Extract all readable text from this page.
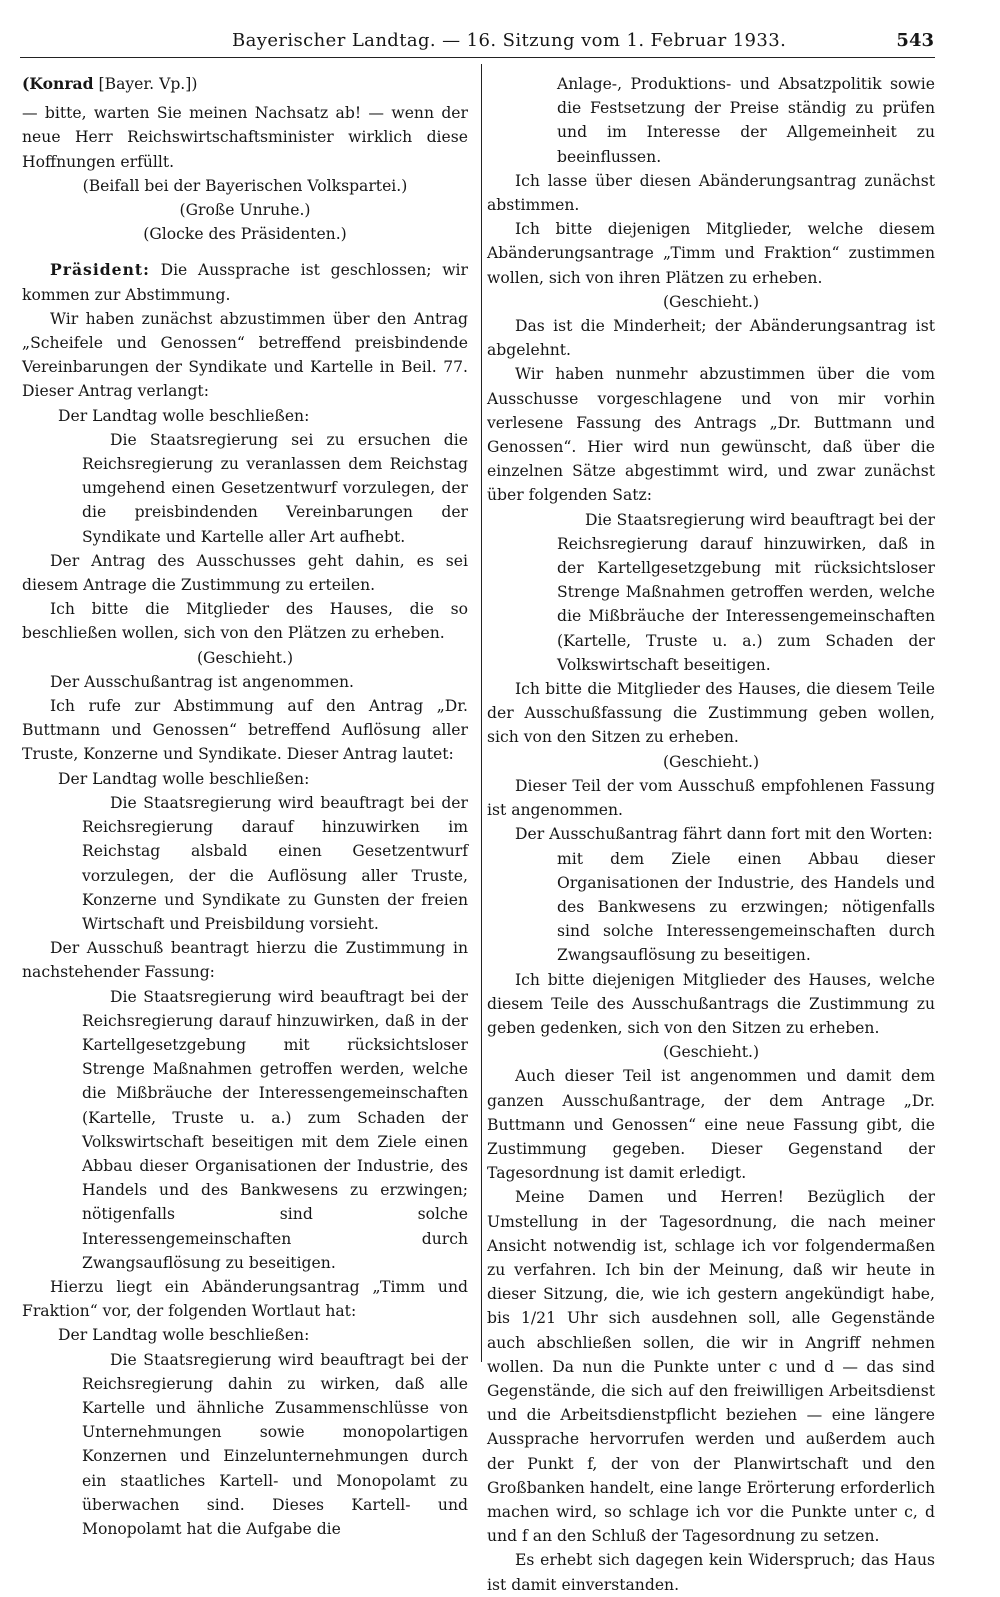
Bayerischer Landtag. — 16. Sitzung vom 1. Februar 1933.	543

(Konrad [Bayer. Vp.])

— bitte, warten Sie meinen Nachsatz ab! — wenn der neue Herr Reichswirtschaftsminister wirklich diese Hoffnungen erfüllt.

(Beifall bei der Bayerischen Volkspartei.)

(Große Unruhe.)

(Glocke des Präsidenten.)

Präsident: Die Aussprache ist geschlossen; wir kommen zur Abstimmung.

Wir haben zunächst abzustimmen über den Antrag „Scheifele und Genossen“ betreffend preisbindende Vereinbarungen der Syndikate und Kartelle in Beil. 77. Dieser Antrag verlangt:

Der Landtag wolle beschließen:

Die Staatsregierung sei zu ersuchen die Reichsregierung zu veranlassen dem Reichstag umgehend einen Gesetzentwurf vorzulegen, der die preisbindenden Vereinbarungen der Syndikate und Kartelle aller Art aufhebt.

Der Antrag des Ausschusses geht dahin, es sei diesem Antrage die Zustimmung zu erteilen.

Ich bitte die Mitglieder des Hauses, die so beschließen wollen, sich von den Plätzen zu erheben.

(Geschieht.)

Der Ausschußantrag ist angenommen.

Ich rufe zur Abstimmung auf den Antrag „Dr. Buttmann und Genossen“ betreffend Auflösung aller Truste, Konzerne und Syndikate. Dieser Antrag lautet:

Der Landtag wolle beschließen:

Die Staatsregierung wird beauftragt bei der Reichsregierung darauf hinzuwirken im Reichstag alsbald einen Gesetzentwurf vorzulegen, der die Auflösung aller Truste, Konzerne und Syndikate zu Gunsten der freien Wirtschaft und Preisbildung vorsieht.

Der Ausschuß beantragt hierzu die Zustimmung in nachstehender Fassung:

Die Staatsregierung wird beauftragt bei der Reichsregierung darauf hinzuwirken, daß in der Kartellgesetzgebung mit rücksichtsloser Strenge Maßnahmen getroffen werden, welche die Mißbräuche der Interessengemeinschaften (Kartelle, Truste u. a.) zum Schaden der Volkswirtschaft beseitigen mit dem Ziele einen Abbau dieser Organisationen der Industrie, des Handels und des Bankwesens zu erzwingen; nötigenfalls sind solche Interessengemeinschaften durch Zwangsauflösung zu beseitigen.

Hierzu liegt ein Abänderungsantrag „Timm und Fraktion“ vor, der folgenden Wortlaut hat:

Der Landtag wolle beschließen:

Die Staatsregierung wird beauftragt bei der Reichsregierung dahin zu wirken, daß alle Kartelle und ähnliche Zusammenschlüsse von Unternehmungen sowie monopolartigen Konzernen und Einzelunternehmungen durch ein staatliches Kartell- und Monopolamt zu überwachen sind. Dieses Kartell- und Monopolamt hat die Aufgabe die

Anlage-, Produktions- und Absatzpolitik sowie die Festsetzung der Preise ständig zu prüfen und im Interesse der Allgemeinheit zu beeinflussen.

Ich lasse über diesen Abänderungsantrag zunächst abstimmen.

Ich bitte diejenigen Mitglieder, welche diesem Abänderungsantrage „Timm und Fraktion“ zustimmen wollen, sich von ihren Plätzen zu erheben.

(Geschieht.)

Das ist die Minderheit; der Abänderungsantrag ist abgelehnt.

Wir haben nunmehr abzustimmen über die vom Ausschusse vorgeschlagene und von mir vorhin verlesene Fassung des Antrags „Dr. Buttmann und Genossen“. Hier wird nun gewünscht, daß über die einzelnen Sätze abgestimmt wird, und zwar zunächst über folgenden Satz:

Die Staatsregierung wird beauftragt bei der Reichsregierung darauf hinzuwirken, daß in der Kartellgesetzgebung mit rücksichtsloser Strenge Maßnahmen getroffen werden, welche die Mißbräuche der Interessengemeinschaften (Kartelle, Truste u. a.) zum Schaden der Volkswirtschaft beseitigen.

Ich bitte die Mitglieder des Hauses, die diesem Teile der Ausschußfassung die Zustimmung geben wollen, sich von den Sitzen zu erheben.

(Geschieht.)

Dieser Teil der vom Ausschuß empfohlenen Fassung ist angenommen.

Der Ausschußantrag fährt dann fort mit den Worten:

mit dem Ziele einen Abbau dieser Organisationen der Industrie, des Handels und des Bankwesens zu erzwingen; nötigenfalls sind solche Interessengemeinschaften durch Zwangsauflösung zu beseitigen.

Ich bitte diejenigen Mitglieder des Hauses, welche diesem Teile des Ausschußantrags die Zustimmung zu geben gedenken, sich von den Sitzen zu erheben.

(Geschieht.)

Auch dieser Teil ist angenommen und damit dem ganzen Ausschußantrage, der dem Antrage „Dr. Buttmann und Genossen“ eine neue Fassung gibt, die Zustimmung gegeben. Dieser Gegenstand der Tagesordnung ist damit erledigt.

Meine Damen und Herren! Bezüglich der Umstellung in der Tagesordnung, die nach meiner Ansicht notwendig ist, schlage ich vor folgendermaßen zu verfahren. Ich bin der Meinung, daß wir heute in dieser Sitzung, die, wie ich gestern angekündigt habe, bis 1/21 Uhr sich ausdehnen soll, alle Gegenstände auch abschließen sollen, die wir in Angriff nehmen wollen. Da nun die Punkte unter c und d — das sind Gegenstände, die sich auf den freiwilligen Arbeitsdienst und die Arbeitsdienstpflicht beziehen — eine längere Aussprache hervorrufen werden und außerdem auch der Punkt f, der von der Planwirtschaft und den Großbanken handelt, eine lange Erörterung erforderlich machen wird, so schlage ich vor die Punkte unter c, d und f an den Schluß der Tagesordnung zu setzen.

Es erhebt sich dagegen kein Widerspruch; das Haus ist damit einverstanden.
